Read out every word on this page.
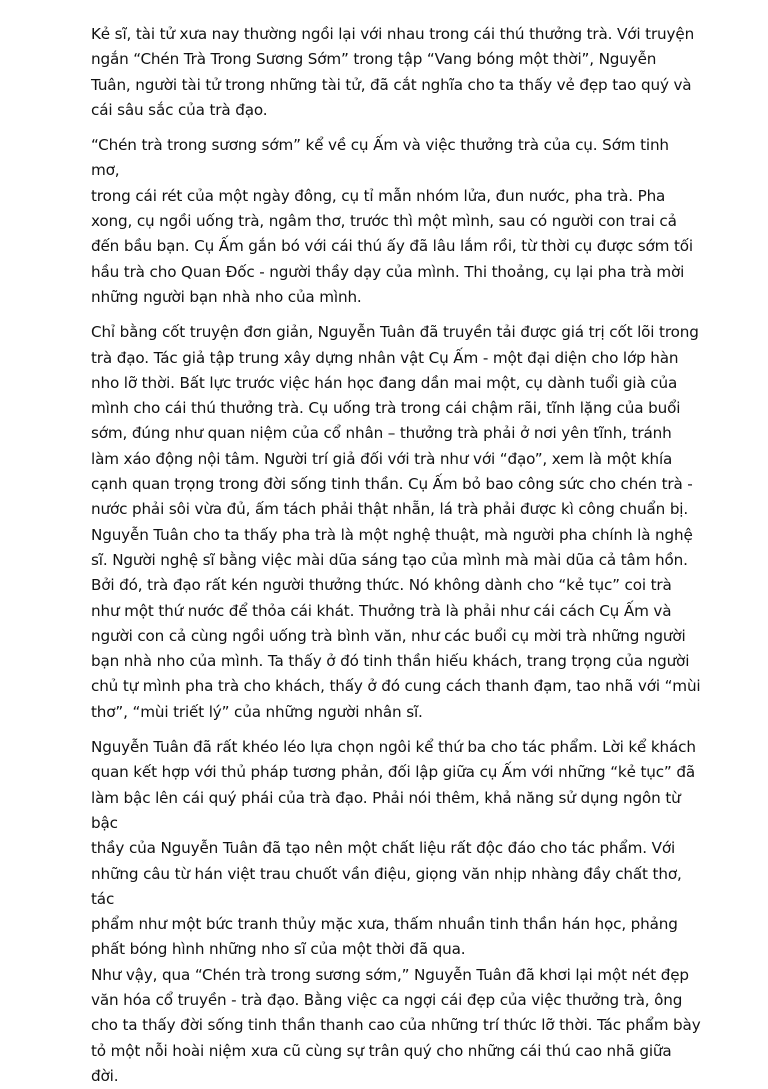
Kẻ sĩ, tài tử xưa nay thường ngồi lại với nhau trong cái thú thưởng trà. Với truyện
ngắn “Chén Trà Trong Sương Sớm” trong tập “Vang bóng một thời”, Nguyễn
Tuân, người tài tử trong những tài tử, đã cắt nghĩa cho ta thấy vẻ đẹp tao quý và
cái sâu sắc của trà đạo.

“Chén trà trong sương sớm” kể về cụ Ấm và việc thưởng trà của cụ. Sớm tinh mơ,
trong cái rét của một ngày đông, cụ tỉ mẫn nhóm lửa, đun nước, pha trà. Pha
xong, cụ ngồi uống trà, ngâm thơ, trước thì một mình, sau có người con trai cả
đến bầu bạn. Cụ Ấm gắn bó với cái thú ấy đã lâu lắm rồi, từ thời cụ được sớm tối
hầu trà cho Quan Đốc - người thầy dạy của mình. Thi thoảng, cụ lại pha trà mời
những người bạn nhà nho của mình.

Chỉ bằng cốt truyện đơn giản, Nguyễn Tuân đã truyền tải được giá trị cốt lõi trong
trà đạo. Tác giả tập trung xây dựng nhân vật Cụ Ấm - một đại diện cho lớp hàn
nho lỡ thời. Bất lực trước việc hán học đang dần mai một, cụ dành tuổi già của
mình cho cái thú thưởng trà. Cụ uống trà trong cái chậm rãi, tĩnh lặng của buổi
sớm, đúng như quan niệm của cổ nhân – thưởng trà phải ở nơi yên tĩnh, tránh
làm xáo động nội tâm. Người trí giả đối với trà như với “đạo”, xem là một khía
cạnh quan trọng trong đời sống tinh thần. Cụ Ấm bỏ bao công sức cho chén trà -
nước phải sôi vừa đủ, ấm tách phải thật nhẵn, lá trà phải được kì công chuẩn bị.
Nguyễn Tuân cho ta thấy pha trà là một nghệ thuật, mà người pha chính là nghệ
sĩ. Người nghệ sĩ bằng việc mài dũa sáng tạo của mình mà mài dũa cả tâm hồn.
Bởi đó, trà đạo rất kén người thưởng thức. Nó không dành cho “kẻ tục” coi trà
như một thứ nước để thỏa cái khát. Thưởng trà là phải như cái cách Cụ Ấm và
người con cả cùng ngồi uống trà bình văn, như các buổi cụ mời trà những người
bạn nhà nho của mình. Ta thấy ở đó tinh thần hiếu khách, trang trọng của người
chủ tự mình pha trà cho khách, thấy ở đó cung cách thanh đạm, tao nhã với “mùi
thơ”, “mùi triết lý” của những người nhân sĩ.

Nguyễn Tuân đã rất khéo léo lựa chọn ngôi kể thứ ba cho tác phẩm. Lời kể khách
quan kết hợp với thủ pháp tương phản, đối lập giữa cụ Ấm với những “kẻ tục” đã
làm bậc lên cái quý phái của trà đạo. Phải nói thêm, khả năng sử dụng ngôn từ bậc
thầy của Nguyễn Tuân đã tạo nên một chất liệu rất độc đáo cho tác phẩm. Với
những câu từ hán việt trau chuốt vần điệu, giọng văn nhịp nhàng đầy chất thơ, tác
phẩm như một bức tranh thủy mặc xưa, thấm nhuần tinh thần hán học, phảng
phất bóng hình những nho sĩ của một thời đã qua.

Như vậy, qua “Chén trà trong sương sớm,” Nguyễn Tuân đã khơi lại một nét đẹp
văn hóa cổ truyền - trà đạo. Bằng việc ca ngợi cái đẹp của việc thưởng trà, ông
cho ta thấy đời sống tinh thần thanh cao của những trí thức lỡ thời. Tác phẩm bày
tỏ một nỗi hoài niệm xưa cũ cùng sự trân quý cho những cái thú cao nhã giữa đời.
